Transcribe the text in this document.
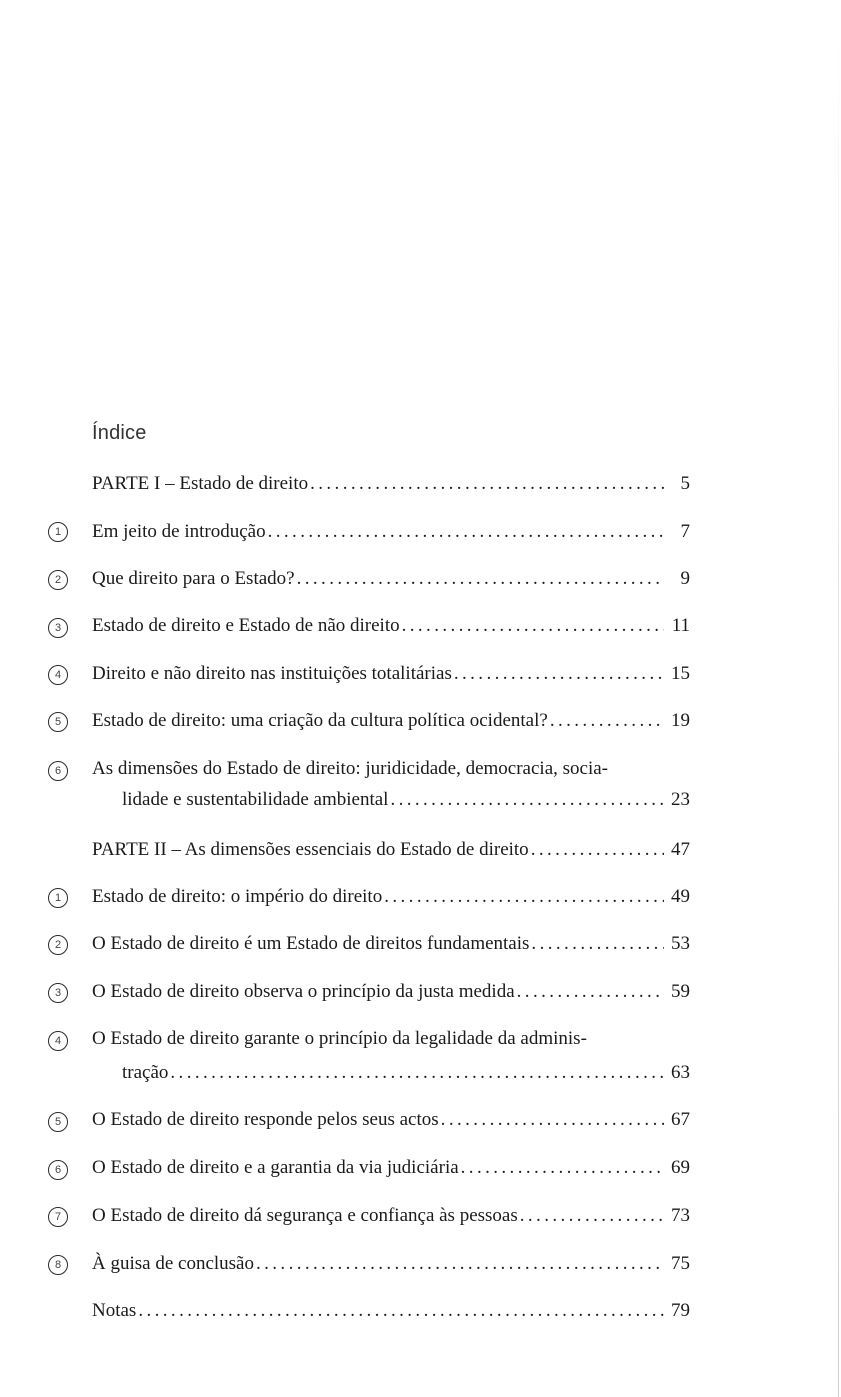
Índice
PARTE I – Estado de direito .....	5
1	Em jeito de introdução .....	7
2	Que direito para o Estado? .....	9
3	Estado de direito e Estado de não direito .....	11
4	Direito e não direito nas instituições totalitárias .....	15
5	Estado de direito: uma criação da cultura política ocidental? .....	19
6	As dimensões do Estado de direito: juridicidade, democracia, socia-
lidade e sustentabilidade ambiental .....	23
PARTE II – As dimensões essenciais do Estado de direito .....	47
1	Estado de direito: o império do direito .....	49
2	O Estado de direito é um Estado de direitos fundamentais .....	53
3	O Estado de direito observa o princípio da justa medida .....	59
4	O Estado de direito garante o princípio da legalidade da adminis-
tração .....	63
5	O Estado de direito responde pelos seus actos .....	67
6	O Estado de direito e a garantia da via judiciária .....	69
7	O Estado de direito dá segurança e confiança às pessoas .....	73
8	À guisa de conclusão .....	75
Notas .....	79
